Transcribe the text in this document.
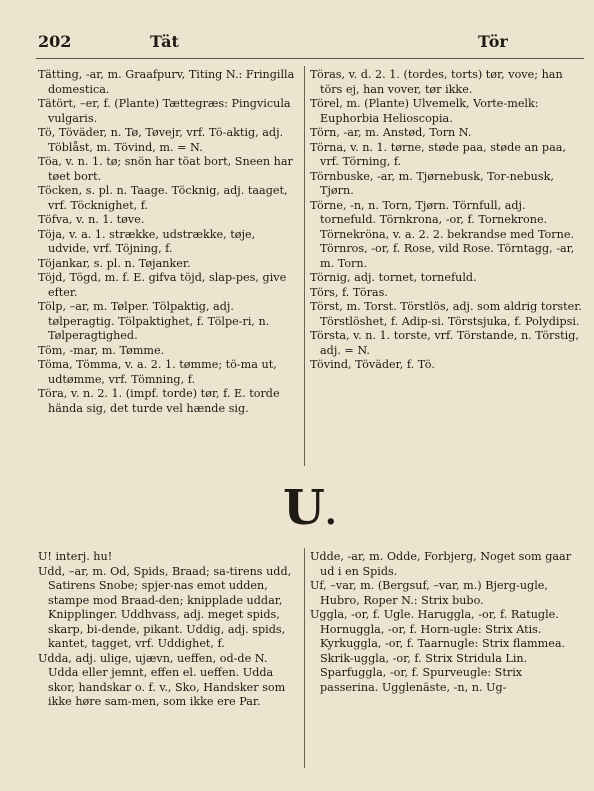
202	Tät	Tör

Tätting, -ar, m. Graafpurv, Titing N.: Fringilla domestica.

Tätört, –er, f. (Plante) Tættegræs: Pingvicula vulgaris.

Tö, Töväder, n. Tø, Tøvejr, vrf. Tö-aktig, adj. Töblåst, m. Tövind, m. = N.

Töa, v. n. 1. tø; snön har töat bort, Sneen har tøet bort.

Töcken, s. pl. n. Taage. Töcknig, adj. taaget, vrf. Töcknighet, f.

Töfva, v. n. 1. tøve.

Töja, v. a. 1. strække, udstrække, tøje, udvide, vrf. Töjning, f.

Töjankar, s. pl. n. Tøjanker.

Töjd, Tögd, m. f. E. gifva töjd, slap-pes, give efter.

Tölp, –ar, m. Tølper. Tölpaktig, adj. tølperagtig. Tölpaktighet, f. Tölpe-ri, n. Tølperagtighed.

Töm, -mar, m. Tømme.

Töma, Tömma, v. a. 2. 1. tømme; tö-ma ut, udtømme, vrf. Tömning, f.

Töra, v. n. 2. 1. (impf. torde) tør, f. E. torde hända sig, det turde vel hænde sig.

Töras, v. d. 2. 1. (tordes, torts) tør, vove; han törs ej, han vover, tør ikke.

Törel, m. (Plante) Ulvemelk, Vorte-melk: Euphorbia Helioscopia.

Törn, -ar, m. Anstød, Torn N.

Törna, v. n. 1. tørne, støde paa, støde an paa, vrf. Törning, f.

Törnbuske, -ar, m. Tjørnebusk, Tor-nebusk, Tjørn.

Törne, -n, n. Torn, Tjørn. Törnfull, adj. tornefuld. Törnkrona, -or, f. Tornekrone. Törnekröna, v. a. 2. 2. bekrandse med Torne. Törnros, -or, f. Rose, vild Rose. Törntagg, -ar, m. Torn.

Törnig, adj. tornet, tornefuld.

Törs, f. Töras.

Törst, m. Torst. Törstlös, adj. som aldrig torster. Törstlöshet, f. Adip-si. Törstsjuka, f. Polydipsi.

Törsta, v. n. 1. torste, vrf. Törstande, n. Törstig, adj. = N.

Tövind, Töväder, f. Tö.

U.

U! interj. hu!

Udd, –ar, m. Od, Spids, Braad; sa-tirens udd, Satirens Snobe; spjer-nas emot udden, stampe mod Braad-den; knipplade uddar, Knipplinger. Uddhvass, adj. meget spids, skarp, bi-dende, pikant. Uddig, adj. spids, kantet, tagget, vrf. Uddighet, f.

Udda, adj. ulige, ujævn, ueffen, od-de N. Udda eller jemnt, effen el. ueffen. Udda skor, handskar o. f. v., Sko, Handsker som ikke høre sam-men, som ikke ere Par.

Udde, -ar, m. Odde, Forbjerg, Noget som gaar ud i en Spids.

Uf, –var, m. (Bergsuf, –var, m.) Bjerg-ugle, Hubro, Roper N.: Strix bubo.

Uggla, -or, f. Ugle. Haruggla, -or, f. Ratugle. Hornuggla, -or, f. Horn-ugle: Strix Atis. Kyrkuggla, -or, f. Taarnugle: Strix flammea. Skrik-uggla, -or, f. Strix Stridula Lin. Sparfuggla, -or, f. Spurveugle: Strix passerina. Ugglenäste, -n, n. Ug-
